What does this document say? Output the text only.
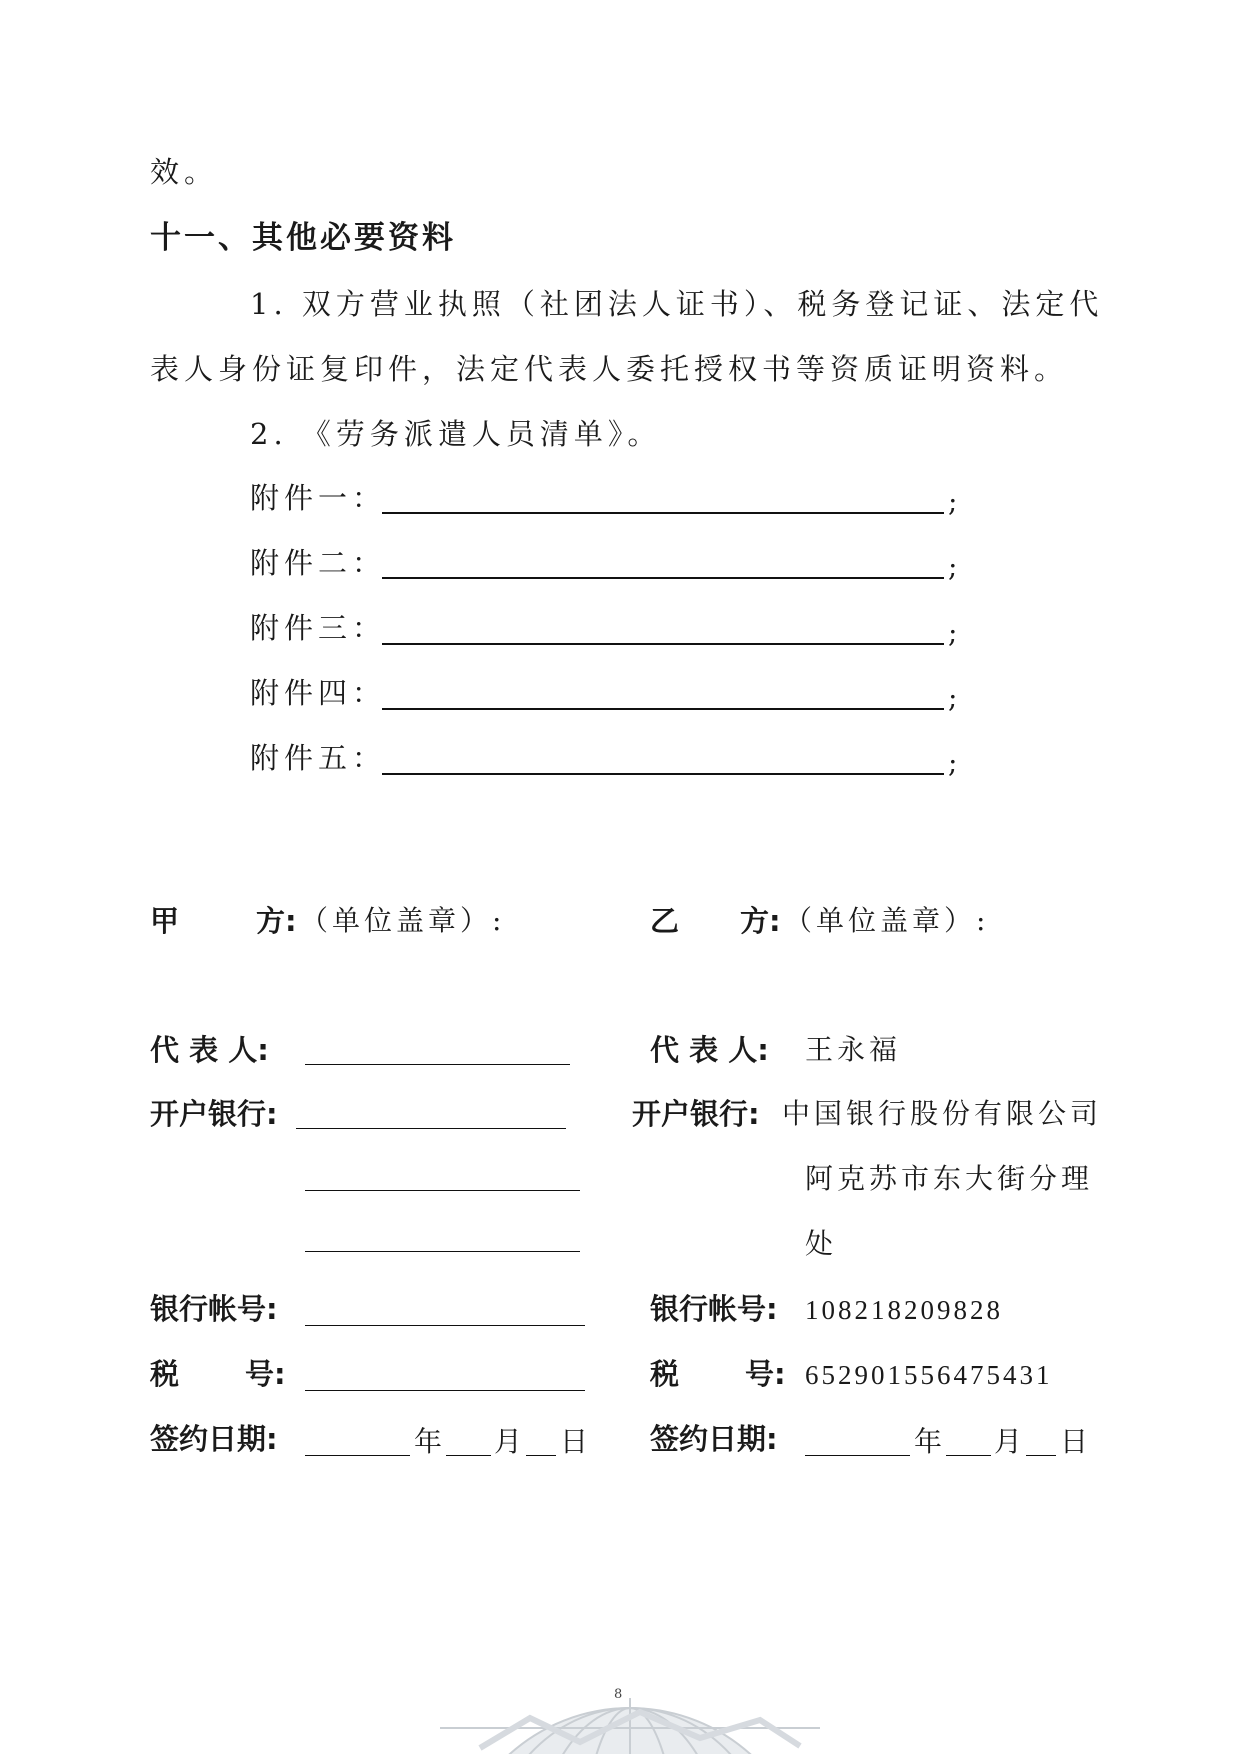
效。
十一、其他必要资料
1. 双方营业执照（社团法人证书）、税务登记证、法定代
表人身份证复印件，法定代表人委托授权书等资质证明资料。
2. 《劳务派遣人员清单》。
附件一：	;
附件二：	;
附件三：	;
附件四：	;
附件五：	;
甲	方: （单位盖章）:	乙 方: （单位盖章）:
代 表 人:	代 表 人: 王永福
开户银行:	开户银行: 中国银行股份有限公司
阿克苏市东大街分理
处
银行帐号:	银行帐号: 108218209828
税 号:	税 号: 652901556475431
签约日期:	年 月 日 签约日期:	年 月 日
8
